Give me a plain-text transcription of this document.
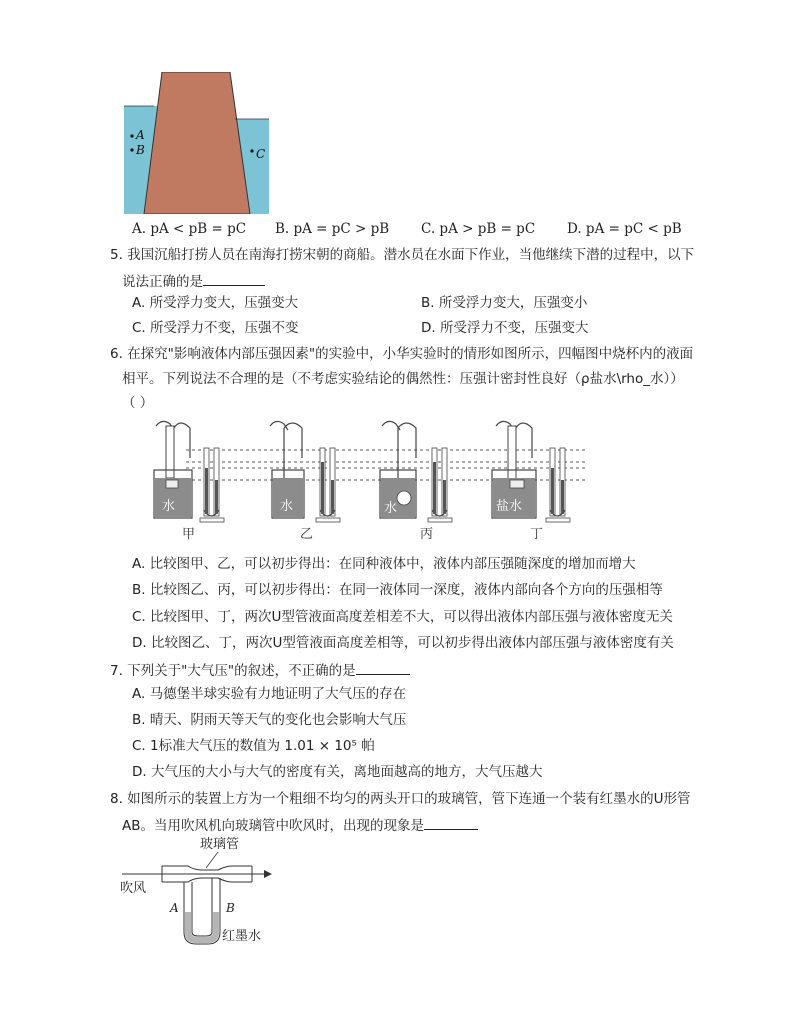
A
B	C
A. pA < pB = pC B. pA = pC > pB C. pA > pB = pC D. pA = pC < pB
5. 我国沉船打捞人员在南海打捞宋朝的商船。潜水员在水面下作业，当他继续下潜的过程中，以下
说法正确的是
A. 所受浮力变大，压强变大	B. 所受浮力变大，压强变小
C. 所受浮力不变，压强不变	D. 所受浮力不变，压强变大
6. 在探究"影响液体内部压强因素"的实验中，小华实验时的情形如图所示，四幅图中烧杯内的液面
相平。下列说法不合理的是（不考虑实验结论的偶然性：压强计密封性良好（ρ盐水\rho_水））
（ ）
水
甲
水
乙
水
丙
盐水
丁
A. 比较图甲、乙，可以初步得出：在同种液体中，液体内部压强随深度的增加而增大
B. 比较图乙、丙，可以初步得出：在同一液体同一深度，液体内部向各个方向的压强相等
C. 比较图甲、丁，两次U型管液面高度差相差不大，可以得出液体内部压强与液体密度无关
D. 比较图乙、丁，两次U型管液面高度差相等，可以初步得出液体内部压强与液体密度有关
7. 下列关于"大气压"的叙述，不正确的是
A. 马德堡半球实验有力地证明了大气压的存在
B. 晴天、阴雨天等天气的变化也会影响大气压
C. 1标准大气压的数值为 1.01 × 10⁵ 帕
D. 大气压的大小与大气的密度有关，离地面越高的地方，大气压越大
8. 如图所示的装置上方为一个粗细不均匀的两头开口的玻璃管，管下连通一个装有红墨水的U形管
AB。当用吹风机向玻璃管中吹风时，出现的现象是
玻璃管
吹风
A	B
红墨水
